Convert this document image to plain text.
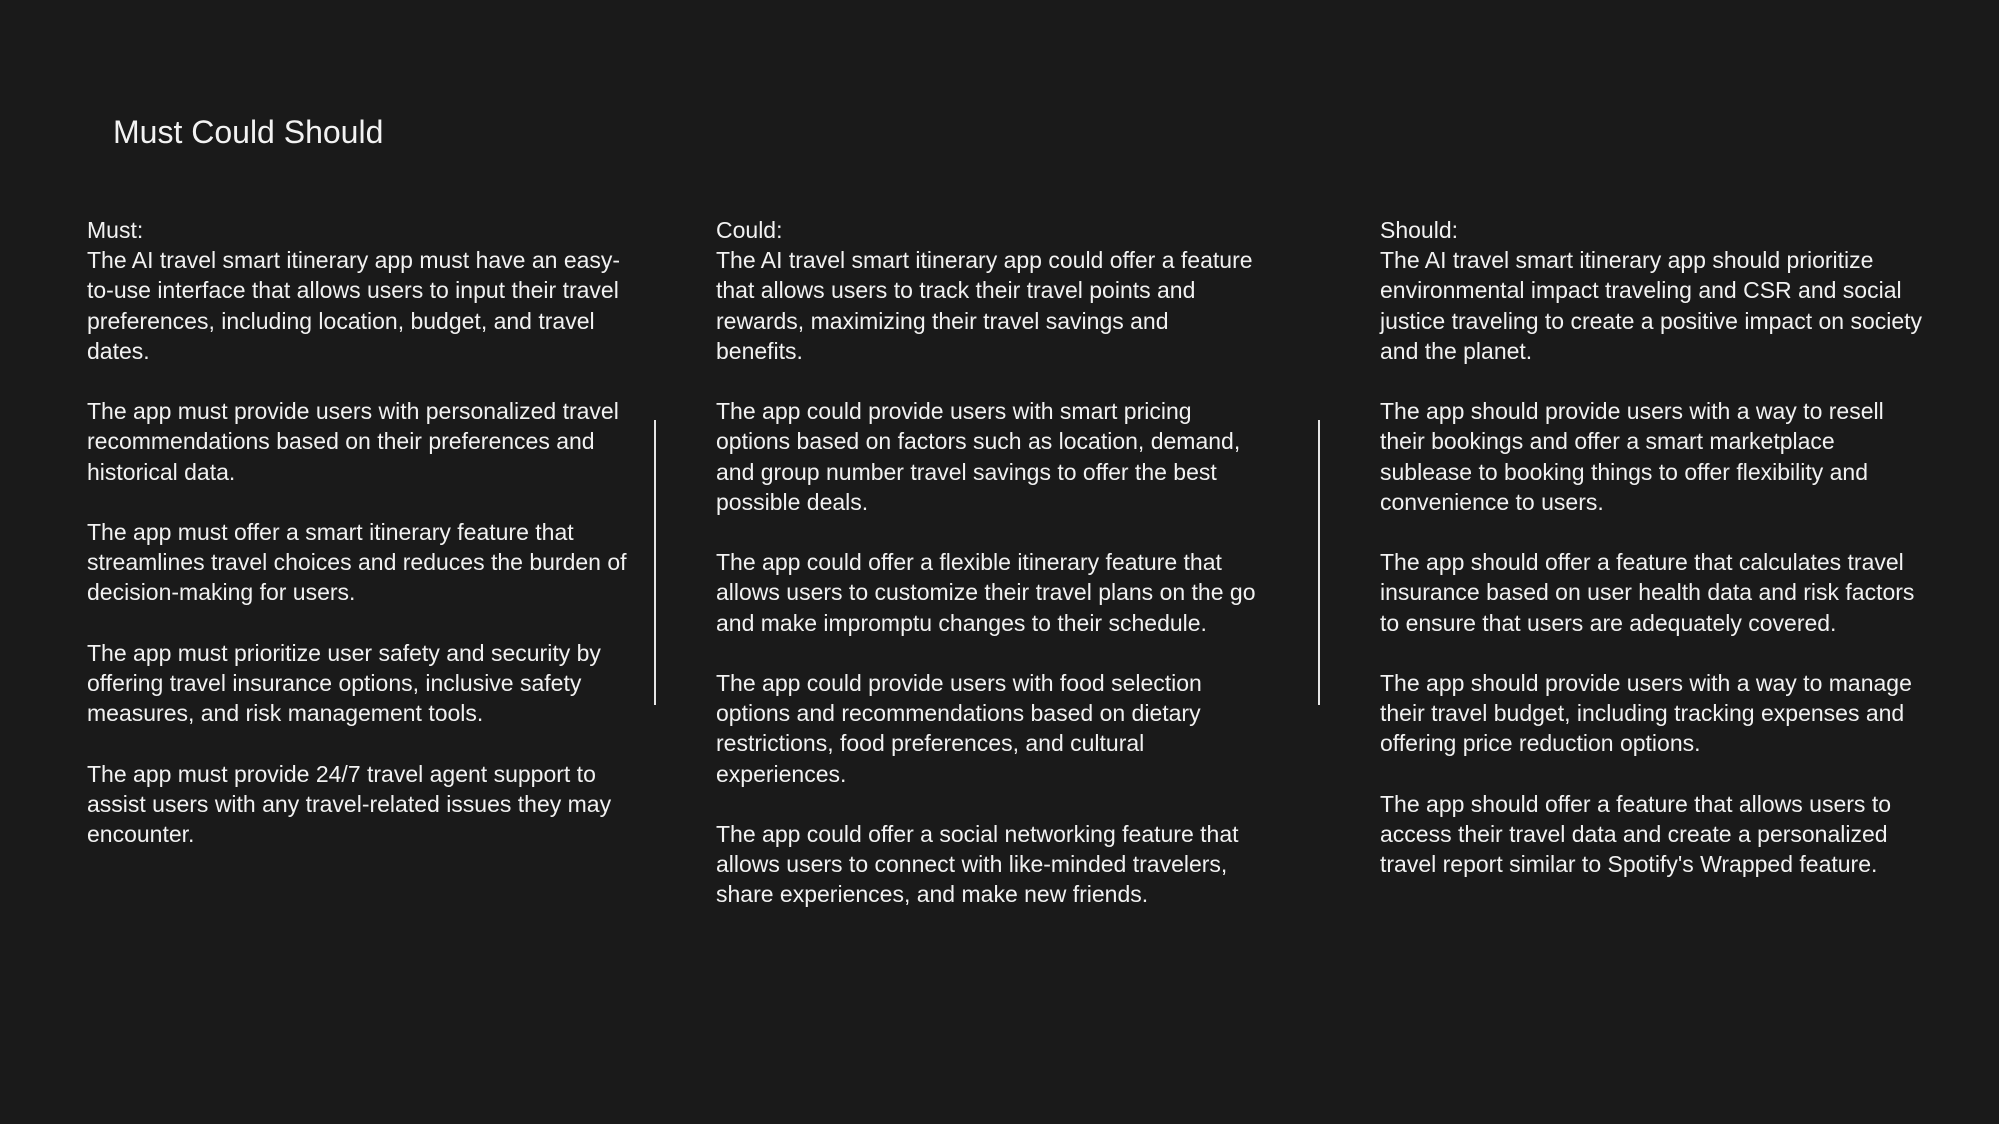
Must Could Should

Must:

The AI travel smart itinerary app must have an easy-to-use interface that allows users to input their travel preferences, including location, budget, and travel dates.

The app must provide users with personalized travel recommendations based on their preferences and historical data.

The app must offer a smart itinerary feature that streamlines travel choices and reduces the burden of decision-making for users.

The app must prioritize user safety and security by offering travel insurance options, inclusive safety measures, and risk management tools.

The app must provide 24/7 travel agent support to assist users with any travel-related issues they may encounter.

Could:

The AI travel smart itinerary app could offer a feature that allows users to track their travel points and rewards, maximizing their travel savings and benefits.

The app could provide users with smart pricing options based on factors such as location, demand, and group number travel savings to offer the best possible deals.

The app could offer a flexible itinerary feature that allows users to customize their travel plans on the go and make impromptu changes to their schedule.

The app could provide users with food selection options and recommendations based on dietary restrictions, food preferences, and cultural experiences.

The app could offer a social networking feature that allows users to connect with like-minded travelers, share experiences, and make new friends.

Should:

The AI travel smart itinerary app should prioritize environmental impact traveling and CSR and social justice traveling to create a positive impact on society and the planet.

The app should provide users with a way to resell their bookings and offer a smart marketplace sublease to booking things to offer flexibility and convenience to users.

The app should offer a feature that calculates travel insurance based on user health data and risk factors to ensure that users are adequately covered.

The app should provide users with a way to manage their travel budget, including tracking expenses and offering price reduction options.

The app should offer a feature that allows users to access their travel data and create a personalized travel report similar to Spotify's Wrapped feature.
